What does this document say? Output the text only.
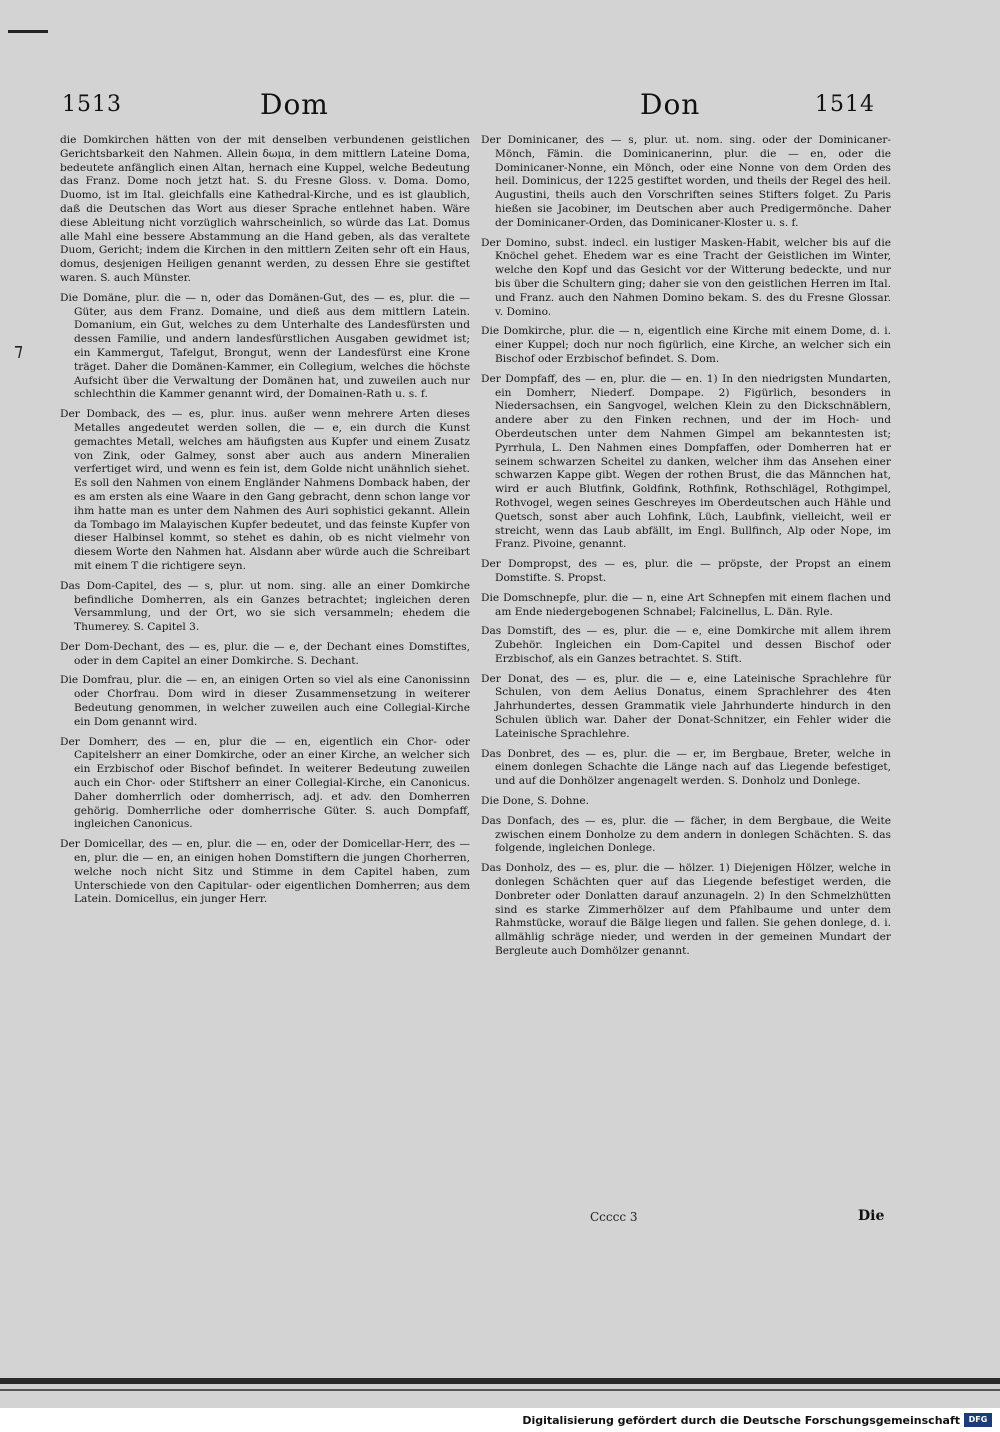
1513	Dom	Don	1514
⁊

die Domkirchen hätten von der mit denselben verbundenen geistlichen Gerichtsbarkeit den Nahmen. Allein δωμα, in dem mittlern Lateine Doma, bedeutete anfänglich einen Altan, hernach eine Kuppel, welche Bedeutung das Franz. Dome noch jetzt hat. S. du Fresne Gloss. v. Doma. Domo, Duomo, ist im Ital. gleichfalls eine Kathedral-Kirche, und es ist glaublich, daß die Deutschen das Wort aus dieser Sprache entlehnet haben. Wäre diese Ableitung nicht vorzüglich wahrscheinlich, so würde das Lat. Domus alle Mahl eine bessere Abstammung an die Hand geben, als das veraltete Duom, Gericht; indem die Kirchen in den mittlern Zeiten sehr oft ein Haus, domus, desjenigen Heiligen genannt werden, zu dessen Ehre sie gestiftet waren. S. auch Münster.

Die Domäne, plur. die — n, oder das Domänen-Gut, des — es, plur. die — Güter, aus dem Franz. Domaine, und dieß aus dem mittlern Latein. Domanium, ein Gut, welches zu dem Unterhalte des Landesfürsten und dessen Familie, und andern landesfürstlichen Ausgaben gewidmet ist; ein Kammergut, Tafelgut, Brongut, wenn der Landesfürst eine Krone träget. Daher die Domänen-Kammer, ein Collegium, welches die höchste Aufsicht über die Verwaltung der Domänen hat, und zuweilen auch nur schlechthin die Kammer genannt wird, der Domainen-Rath u. s. f.

Der Domback, des — es, plur. inus. außer wenn mehrere Arten dieses Metalles angedeutet werden sollen, die — e, ein durch die Kunst gemachtes Metall, welches am häufigsten aus Kupfer und einem Zusatz von Zink, oder Galmey, sonst aber auch aus andern Mineralien verfertiget wird, und wenn es fein ist, dem Golde nicht unähnlich siehet. Es soll den Nahmen von einem Engländer Nahmens Domback haben, der es am ersten als eine Waare in den Gang gebracht, denn schon lange vor ihm hatte man es unter dem Nahmen des Auri sophistici gekannt. Allein da Tombago im Malayischen Kupfer bedeutet, und das feinste Kupfer von dieser Halbinsel kommt, so stehet es dahin, ob es nicht vielmehr von diesem Worte den Nahmen hat. Alsdann aber würde auch die Schreibart mit einem T die richtigere seyn.

Das Dom-Capitel, des — s, plur. ut nom. sing. alle an einer Domkirche befindliche Domherren, als ein Ganzes betrachtet; ingleichen deren Versammlung, und der Ort, wo sie sich versammeln; ehedem die Thumerey. S. Capitel 3.

Der Dom-Dechant, des — es, plur. die — e, der Dechant eines Domstiftes, oder in dem Capitel an einer Domkirche. S. Dechant.

Die Domfrau, plur. die — en, an einigen Orten so viel als eine Canonissinn oder Chorfrau. Dom wird in dieser Zusammensetzung in weiterer Bedeutung genommen, in welcher zuweilen auch eine Collegial-Kirche ein Dom genannt wird.

Der Domherr, des — en, plur die — en, eigentlich ein Chor- oder Capitelsherr an einer Domkirche, oder an einer Kirche, an welcher sich ein Erzbischof oder Bischof befindet. In weiterer Bedeutung zuweilen auch ein Chor- oder Stiftsherr an einer Collegial-Kirche, ein Canonicus. Daher domherrlich oder domherrisch, adj. et adv. den Domherren gehörig. Domherrliche oder domherrische Güter. S. auch Dompfaff, ingleichen Canonicus.

Der Domicellar, des — en, plur. die — en, oder der Domicellar-Herr, des — en, plur. die — en, an einigen hohen Domstiftern die jungen Chorherren, welche noch nicht Sitz und Stimme in dem Capitel haben, zum Unterschiede von den Capitular- oder eigentlichen Domherren; aus dem Latein. Domicellus, ein junger Herr.

Der Dominicaner, des — s, plur. ut. nom. sing. oder der Dominicaner-Mönch, Fämin. die Dominicanerinn, plur. die — en, oder die Dominicaner-Nonne, ein Mönch, oder eine Nonne von dem Orden des heil. Dominicus, der 1225 gestiftet worden, und theils der Regel des heil. Augustini, theils auch den Vorschriften seines Stifters folget. Zu Paris hießen sie Jacobiner, im Deutschen aber auch Predigermönche. Daher der Dominicaner-Orden, das Dominicaner-Kloster u. s. f.

Der Domino, subst. indecl. ein lustiger Masken-Habit, welcher bis auf die Knöchel gehet. Ehedem war es eine Tracht der Geistlichen im Winter, welche den Kopf und das Gesicht vor der Witterung bedeckte, und nur bis über die Schultern ging; daher sie von den geistlichen Herren im Ital. und Franz. auch den Nahmen Domino bekam. S. des du Fresne Glossar. v. Domino.

Die Domkirche, plur. die — n, eigentlich eine Kirche mit einem Dome, d. i. einer Kuppel; doch nur noch figürlich, eine Kirche, an welcher sich ein Bischof oder Erzbischof befindet. S. Dom.

Der Dompfaff, des — en, plur. die — en. 1) In den niedrigsten Mundarten, ein Domherr, Niederf. Dompape. 2) Figürlich, besonders in Niedersachsen, ein Sangvogel, welchen Klein zu den Dickschnäblern, andere aber zu den Finken rechnen, und der im Hoch- und Oberdeutschen unter dem Nahmen Gimpel am bekanntesten ist; Pyrrhula, L. Den Nahmen eines Dompfaffen, oder Domherren hat er seinem schwarzen Scheitel zu danken, welcher ihm das Ansehen einer schwarzen Kappe gibt. Wegen der rothen Brust, die das Männchen hat, wird er auch Blutfink, Goldfink, Rothfink, Rothschlägel, Rothgimpel, Rothvogel, wegen seines Geschreyes im Oberdeutschen auch Hähle und Quetsch, sonst aber auch Lohfink, Lüch, Laubfink, vielleicht, weil er streicht, wenn das Laub abfällt, im Engl. Bullfinch, Alp oder Nope, im Franz. Pivoine, genannt.

Der Dompropst, des — es, plur. die — pröpste, der Propst an einem Domstifte. S. Propst.

Die Domschnepfe, plur. die — n, eine Art Schnepfen mit einem flachen und am Ende niedergebogenen Schnabel; Falcinellus, L. Dän. Ryle.

Das Domstift, des — es, plur. die — e, eine Domkirche mit allem ihrem Zubehör. Ingleichen ein Dom-Capitel und dessen Bischof oder Erzbischof, als ein Ganzes betrachtet. S. Stift.

Der Donat, des — es, plur. die — e, eine Lateinische Sprachlehre für Schulen, von dem Aelius Donatus, einem Sprachlehrer des 4ten Jahrhundertes, dessen Grammatik viele Jahrhunderte hindurch in den Schulen üblich war. Daher der Donat-Schnitzer, ein Fehler wider die Lateinische Sprachlehre.

Das Donbret, des — es, plur. die — er, im Bergbaue, Breter, welche in einem donlegen Schachte die Länge nach auf das Liegende befestiget, und auf die Donhölzer angenagelt werden. S. Donholz und Donlege.

Die Done, S. Dohne.

Das Donfach, des — es, plur. die — fächer, in dem Bergbaue, die Weite zwischen einem Donholze zu dem andern in donlegen Schächten. S. das folgende, ingleichen Donlege.

Das Donholz, des — es, plur. die — hölzer. 1) Diejenigen Hölzer, welche in donlegen Schächten quer auf das Liegende befestiget werden, die Donbreter oder Donlatten darauf anzunageln. 2) In den Schmelzhütten sind es starke Zimmerhölzer auf dem Pfahlbaume und unter dem Rahmstücke, worauf die Bälge liegen und fallen. Sie gehen donlege, d. i. allmählig schräge nieder, und werden in der gemeinen Mundart der Bergleute auch Domhölzer genannt.

Ccccc 3	Die
Digitalisierung gefördert durch die Deutsche Forschungsgemeinschaft	DFG
